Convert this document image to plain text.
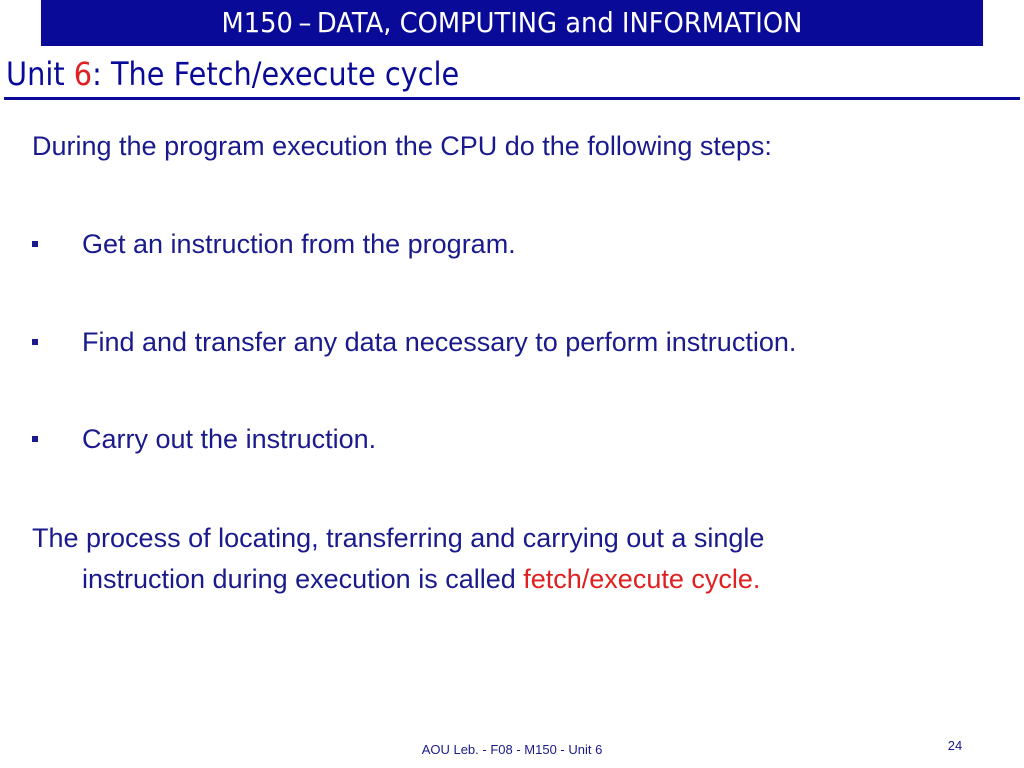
M150 – DATA, COMPUTING and INFORMATION
Unit 6: The Fetch/execute cycle
During the program execution the CPU do the following steps:
Get an instruction from the program.
Find and transfer any data necessary to perform instruction.
Carry out the instruction.
The process of locating, transferring and carrying out a single
instruction during execution is called fetch/execute cycle.
AOU Leb. - F08 - M150 - Unit 6	24
